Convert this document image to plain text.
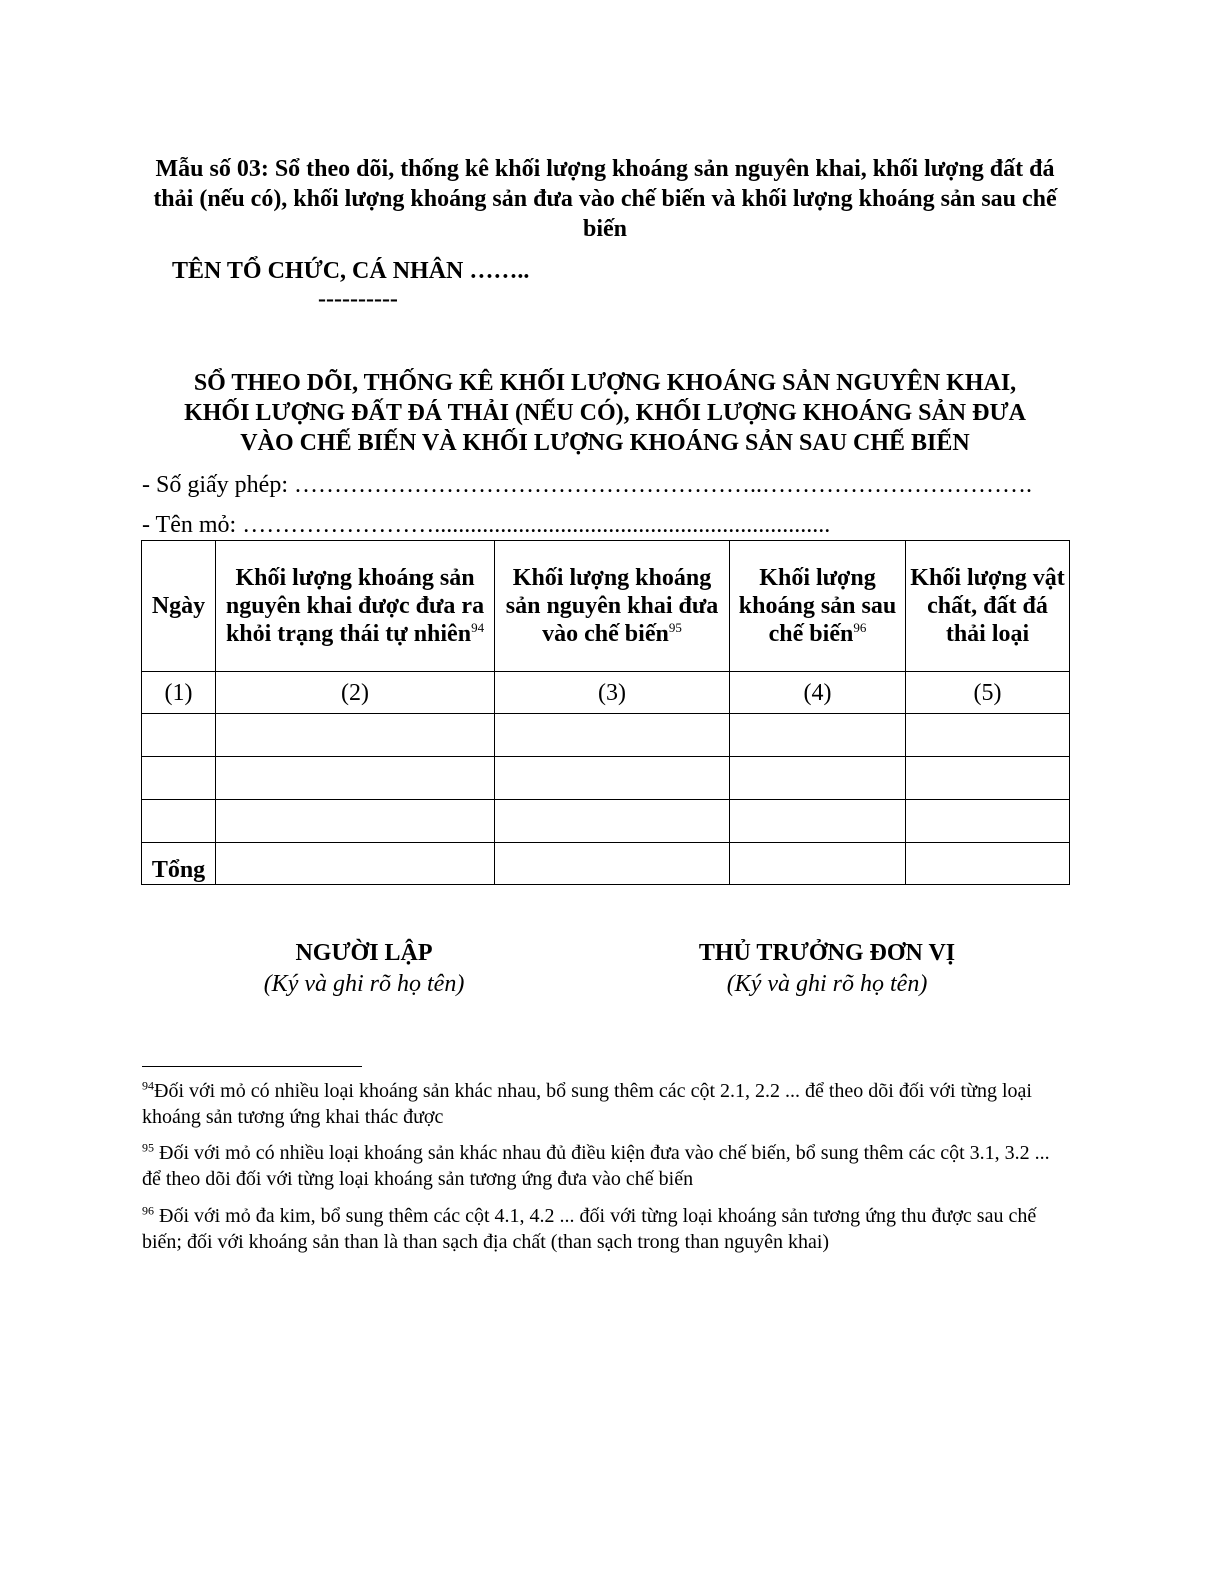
Mẫu số 03: Sổ theo dõi, thống kê khối lượng khoáng sản nguyên khai, khối lượng đất đá thải (nếu có), khối lượng khoáng sản đưa vào chế biến và khối lượng khoáng sản sau chế biến
TÊN TỔ CHỨC, CÁ NHÂN ……..
----------
SỔ THEO DÕI, THỐNG KÊ KHỐI LƯỢNG KHOÁNG SẢN NGUYÊN KHAI,
KHỐI LƯỢNG ĐẤT ĐÁ THẢI (NẾU CÓ), KHỐI LƯỢNG KHOÁNG SẢN ĐƯA
VÀO CHẾ BIẾN VÀ KHỐI LƯỢNG KHOÁNG SẢN SAU CHẾ BIẾN
- Số giấy phép: …………………………………………………..…………………………….
- Tên mỏ: ……………………..................................................................
Ngày	Khối lượng khoáng sản nguyên khai được đưa ra khỏi trạng thái tự nhiên$^{94}$	Khối lượng khoáng sản nguyên khai đưa vào chế biến$^{95}$	Khối lượng khoáng sản sau chế biến$^{96}$	Khối lượng vật chất, đất đá thải loại
(1)	(2)	(3)	(4)	(5)

Tổng				
NGƯỜI LẬP
(Ký và ghi rõ họ tên)
THỦ TRƯỞNG ĐƠN VỊ
(Ký và ghi rõ họ tên)
$^{94}$Đối với mỏ có nhiều loại khoáng sản khác nhau, bổ sung thêm các cột 2.1, 2.2 ... để theo dõi đối với từng loại khoáng sản tương ứng khai thác được
$^{95}$ Đối với mỏ có nhiều loại khoáng sản khác nhau đủ điều kiện đưa vào chế biến, bổ sung thêm các cột 3.1, 3.2 ... để theo dõi đối với từng loại khoáng sản tương ứng đưa vào chế biến
$^{96}$ Đối với mỏ đa kim, bổ sung thêm các cột 4.1, 4.2 ... đối với từng loại khoáng sản tương ứng thu được sau chế biến; đối với khoáng sản than là than sạch địa chất (than sạch trong than nguyên khai)
